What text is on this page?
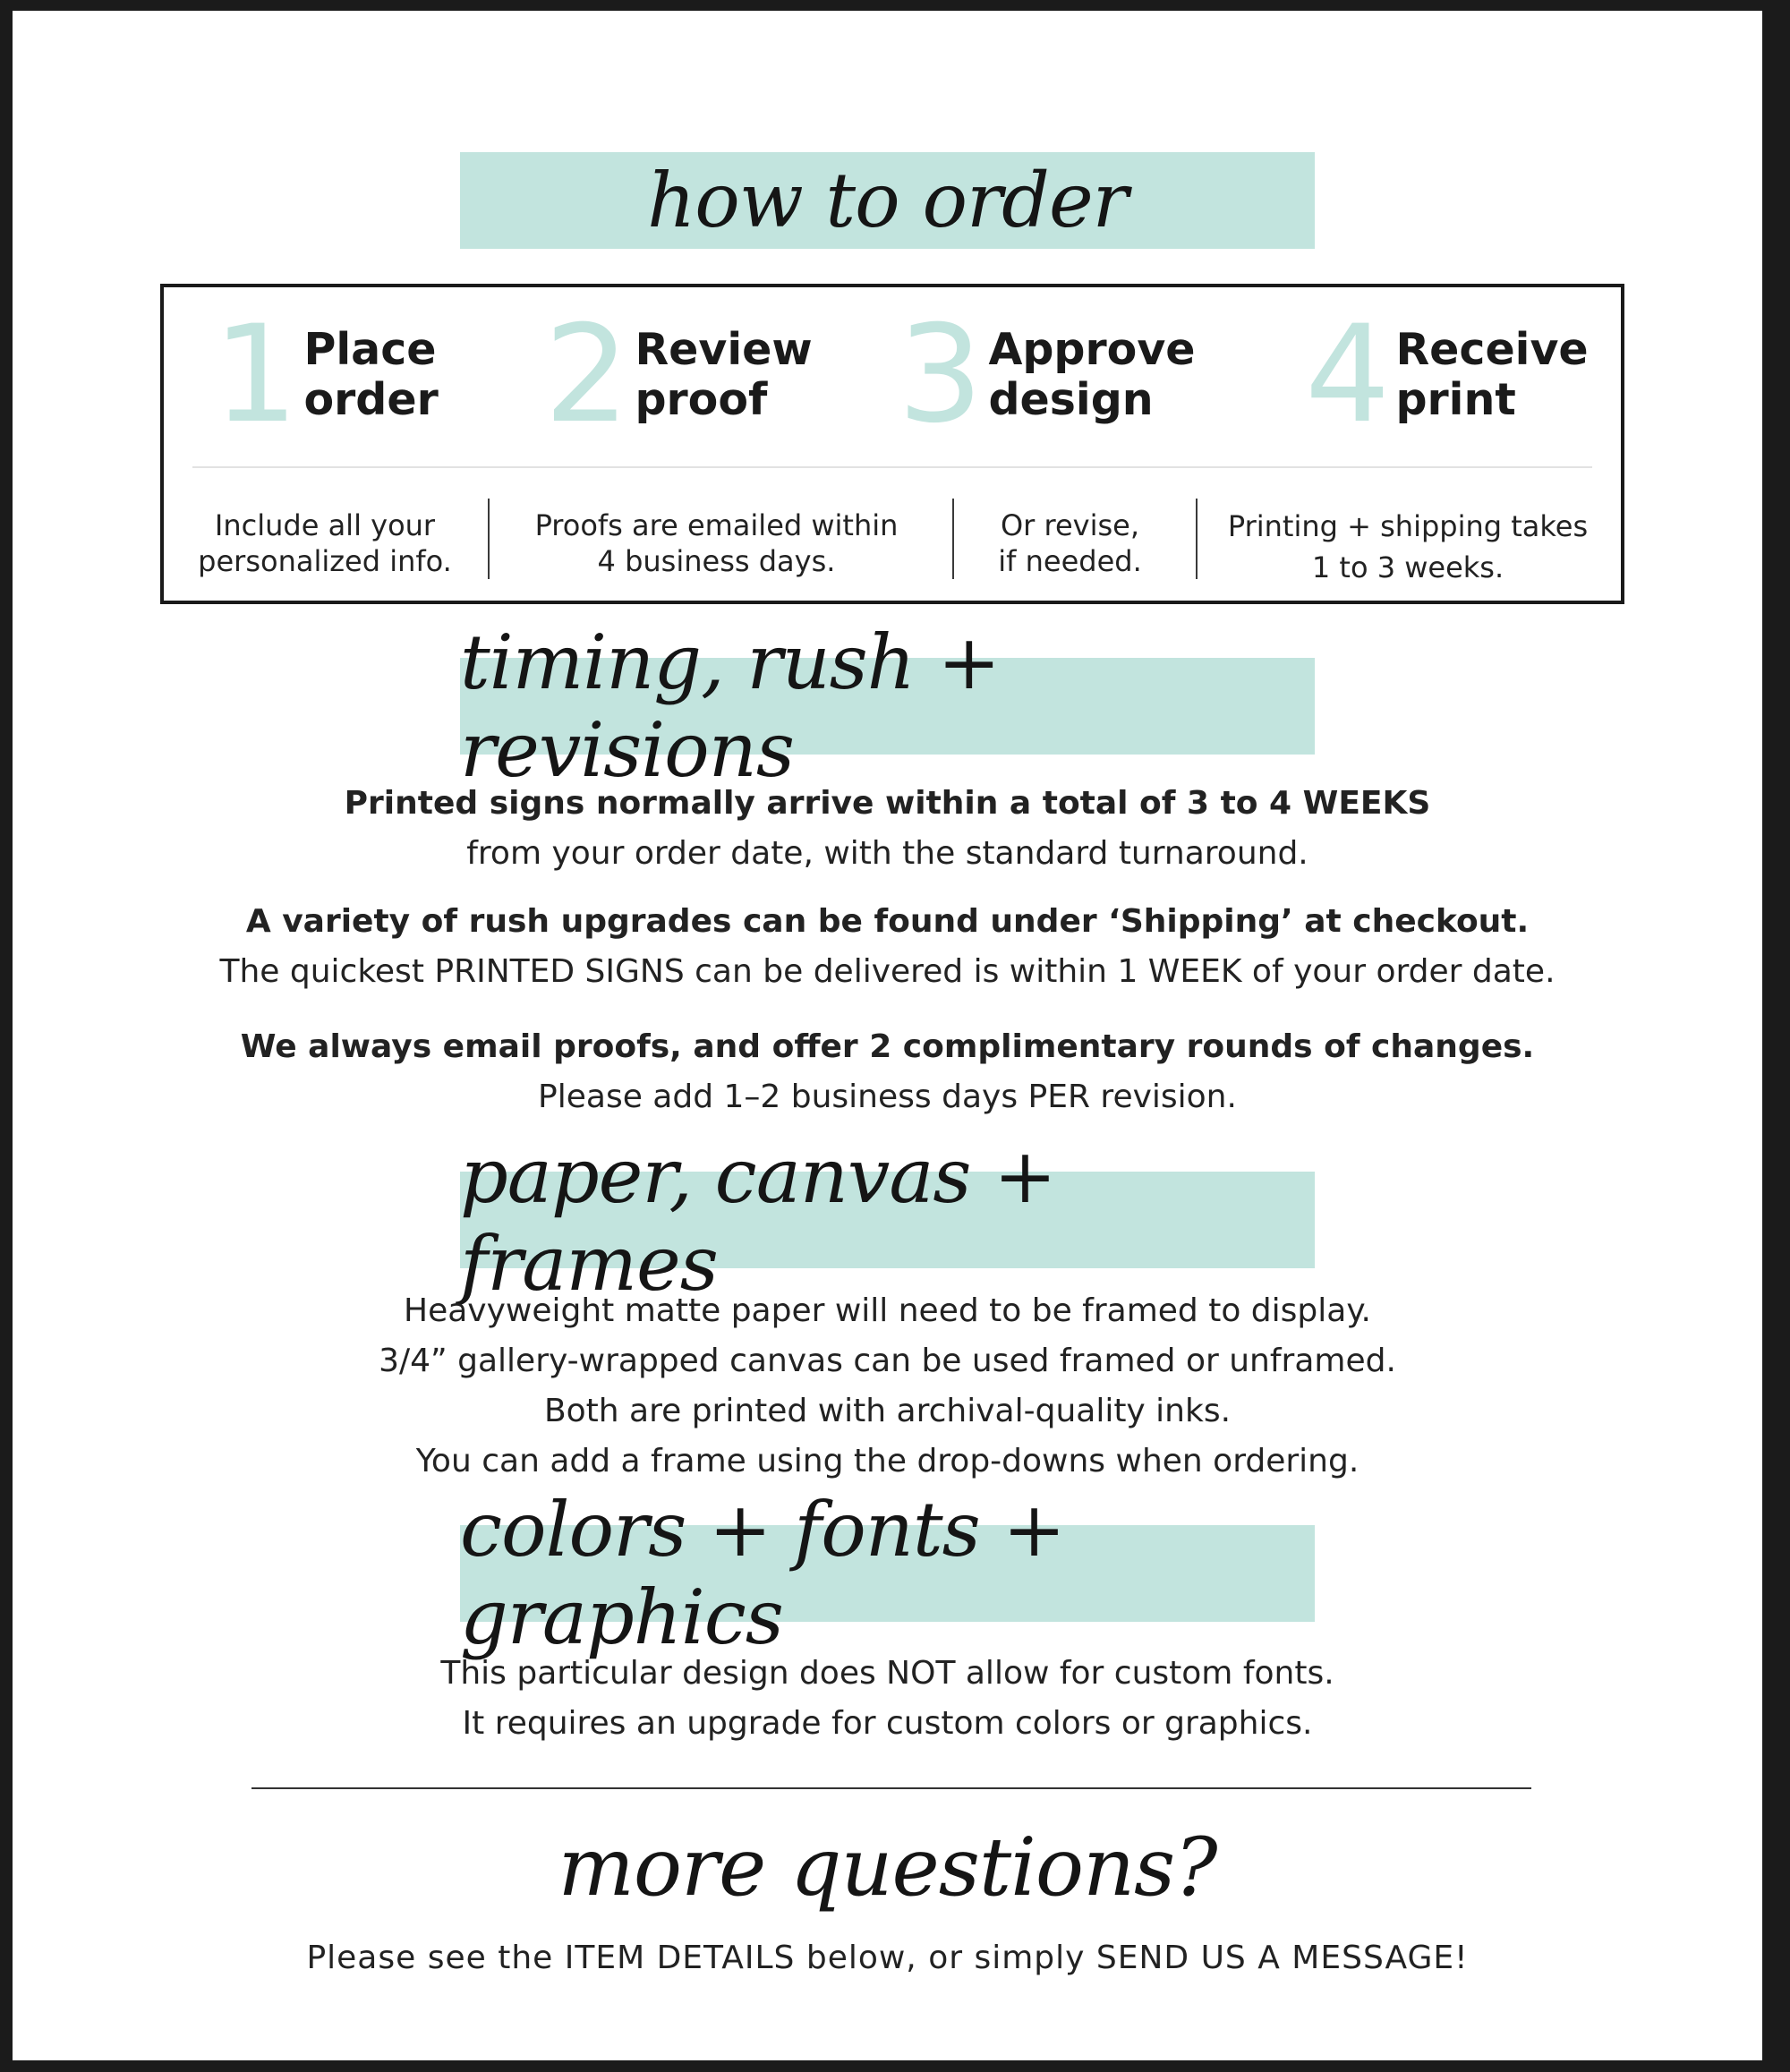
how to order
1 Place
order 2 Review
proof 3 Approve
design	4 Receive
print
Include all your
personalized info.
Proofs are emailed within
4 business days.
Or revise,
if needed.
Printing + shipping takes
1 to 3 weeks.
timing, rush + revisions
Printed signs normally arrive within a total of 3 to 4 WEEKS
from your order date, with the standard turnaround.
A variety of rush upgrades can be found under ‘Shipping’ at checkout.
The quickest PRINTED SIGNS can be delivered is within 1 WEEK of your order date.
We always email proofs, and offer 2 complimentary rounds of changes.
Please add 1–2 business days PER revision.
paper, canvas + frames
Heavyweight matte paper will need to be framed to display.
3/4” gallery-wrapped canvas can be used framed or unframed.
Both are printed with archival-quality inks.
You can add a frame using the drop-downs when ordering.
colors + fonts + graphics
This particular design does NOT allow for custom fonts.
It requires an upgrade for custom colors or graphics.
more questions?
Please see the ITEM DETAILS below, or simply SEND US A MESSAGE!
